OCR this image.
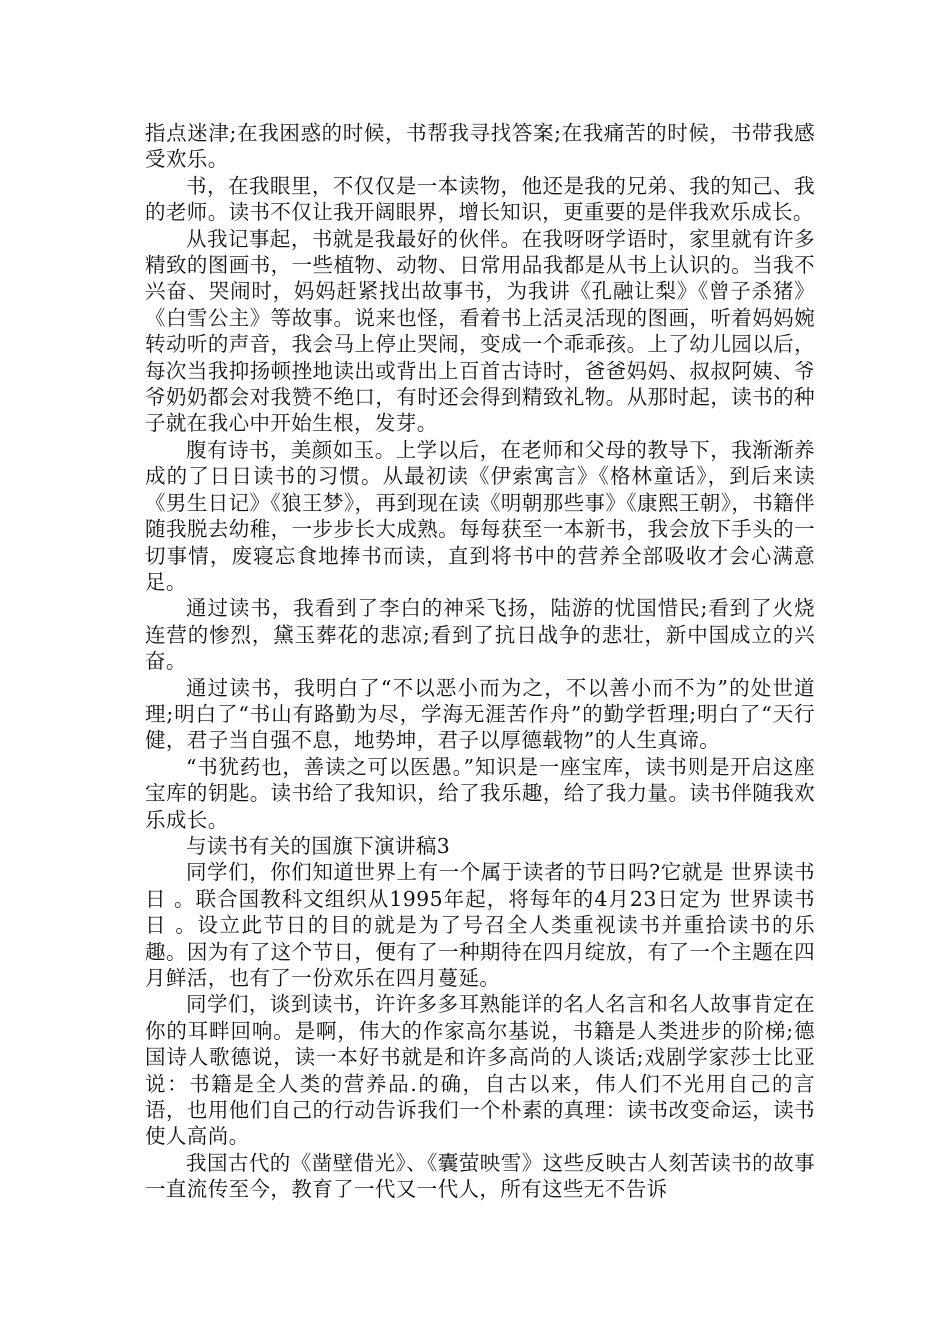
指点迷津;在我困惑的时候，书帮我寻找答案;在我痛苦的时候，书带我感受欢乐。

书，在我眼里，不仅仅是一本读物，他还是我的兄弟、我的知己、我的老师。读书不仅让我开阔眼界，增长知识，更重要的是伴我欢乐成长。

从我记事起，书就是我最好的伙伴。在我呀呀学语时，家里就有许多精致的图画书，一些植物、动物、日常用品我都是从书上认识的。当我不兴奋、哭闹时，妈妈赶紧找出故事书，为我讲《孔融让梨》《曾子杀猪》《白雪公主》等故事。说来也怪，看着书上活灵活现的图画，听着妈妈婉转动听的声音，我会马上停止哭闹，变成一个乖乖孩。上了幼儿园以后，每次当我抑扬顿挫地读出或背出上百首古诗时，爸爸妈妈、叔叔阿姨、爷爷奶奶都会对我赞不绝口，有时还会得到精致礼物。从那时起，读书的种子就在我心中开始生根，发芽。

腹有诗书，美颜如玉。上学以后，在老师和父母的教导下，我渐渐养成的了日日读书的习惯。从最初读《伊索寓言》《格林童话》，到后来读《男生日记》《狼王梦》，再到现在读《明朝那些事》《康熙王朝》，书籍伴随我脱去幼稚，一步步长大成熟。每每获至一本新书，我会放下手头的一切事情，废寝忘食地捧书而读，直到将书中的营养全部吸收才会心满意足。

通过读书，我看到了李白的神采飞扬，陆游的忧国惜民;看到了火烧连营的惨烈，黛玉葬花的悲凉;看到了抗日战争的悲壮，新中国成立的兴奋。

通过读书，我明白了“不以恶小而为之，不以善小而不为”的处世道理;明白了“书山有路勤为尽，学海无涯苦作舟”的勤学哲理;明白了“天行健，君子当自强不息，地势坤，君子以厚德载物”的人生真谛。

“书犹药也，善读之可以医愚。”知识是一座宝库，读书则是开启这座宝库的钥匙。读书给了我知识，给了我乐趣，给了我力量。读书伴随我欢乐成长。

与读书有关的国旗下演讲稿3

同学们，你们知道世界上有一个属于读者的节日吗?它就是 世界读书日 。联合国教科文组织从1995年起，将每年的4月23日定为 世界读书日 。设立此节日的目的就是为了号召全人类重视读书并重拾读书的乐趣。因为有了这个节日，便有了一种期待在四月绽放，有了一个主题在四月鲜活，也有了一份欢乐在四月蔓延。

同学们，谈到读书，许许多多耳熟能详的名人名言和名人故事肯定在你的耳畔回响。是啊，伟大的作家高尔基说，书籍是人类进步的阶梯;德国诗人歌德说，读一本好书就是和许多高尚的人谈话;戏剧学家莎士比亚说：书籍是全人类的营养品.的确，自古以来，伟人们不光用自己的言语，也用他们自己的行动告诉我们一个朴素的真理：读书改变命运，读书使人高尚。

我国古代的《凿壁借光》、《囊萤映雪》这些反映古人刻苦读书的故事一直流传至今，教育了一代又一代人，所有这些无不告诉
